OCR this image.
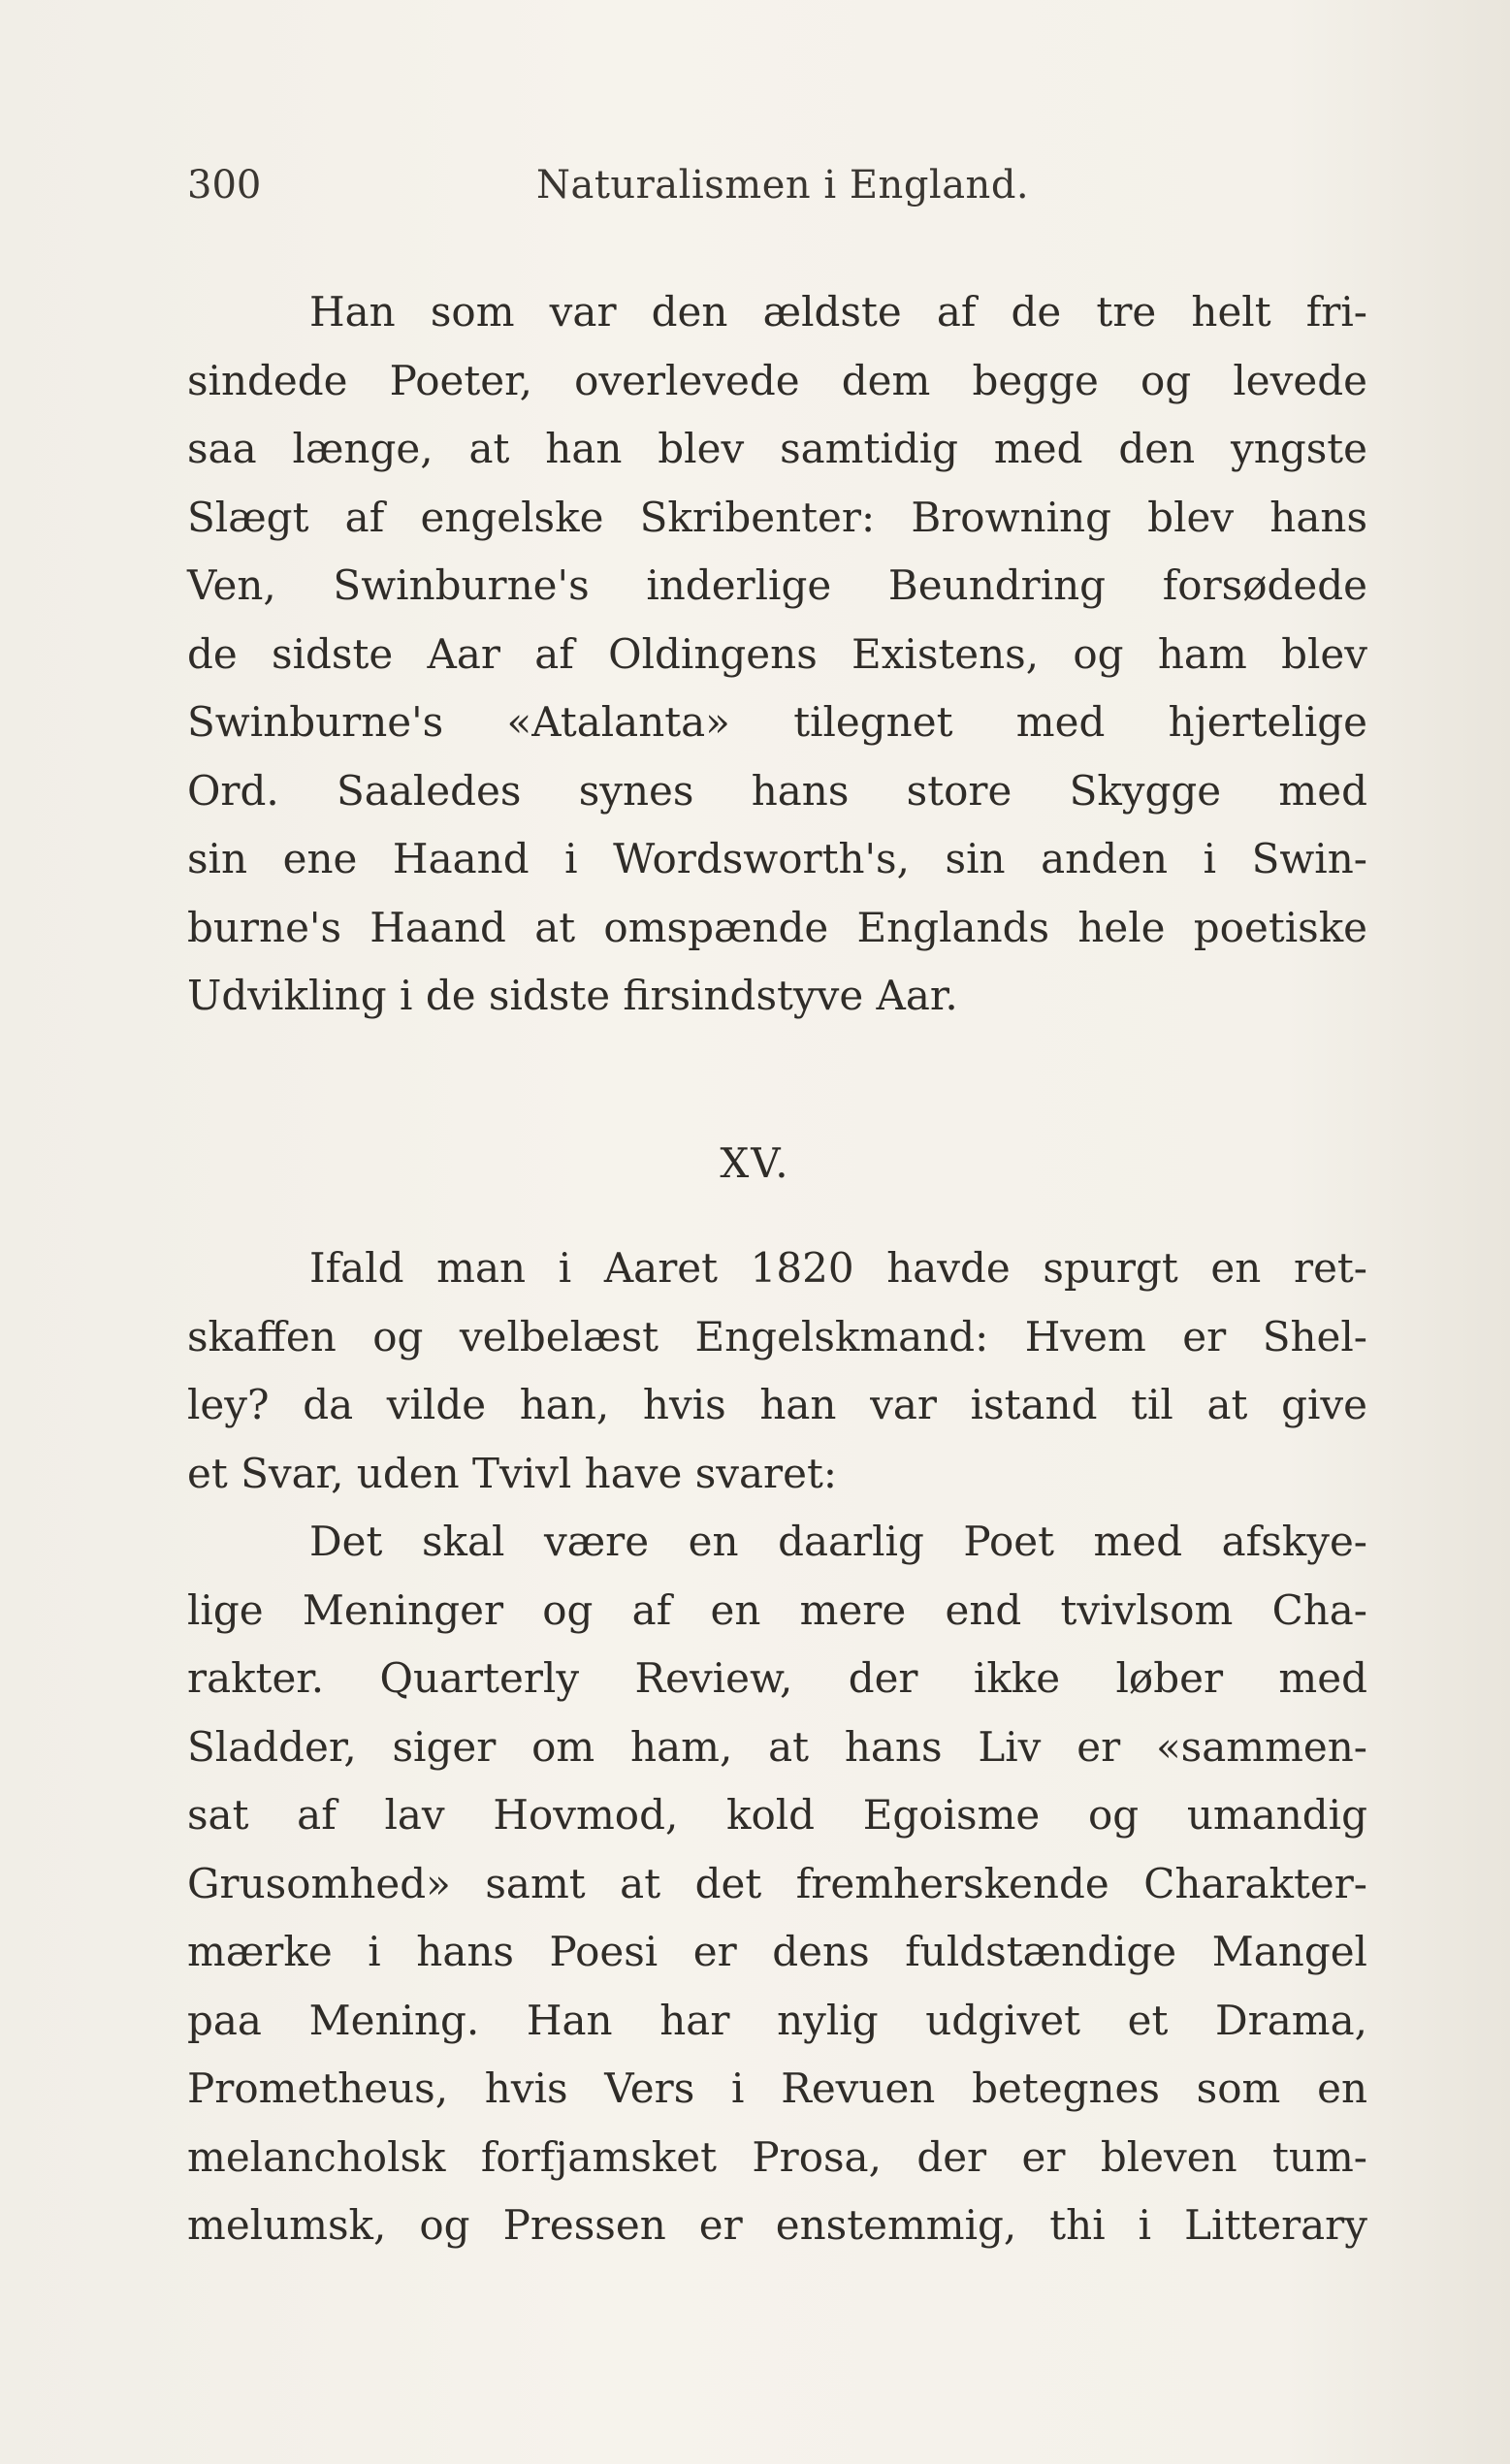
300	Naturalismen i England.
Han som var den ældste af de tre helt fri-
sindede Poeter, overlevede dem begge og levede
saa længe, at han blev samtidig med den yngste
Slægt af engelske Skribenter: Browning blev hans
Ven, Swinburne's inderlige Beundring forsødede
de sidste Aar af Oldingens Existens, og ham blev
Swinburne's «Atalanta» tilegnet med hjertelige
Ord. Saaledes synes hans store Skygge med
sin ene Haand i Wordsworth's, sin anden i Swin-
burne's Haand at omspænde Englands hele poetiske
Udvikling i de sidste firsindstyve Aar.
XV.
Ifald man i Aaret 1820 havde spurgt en ret-
skaffen og velbelæst Engelskmand: Hvem er Shel-
ley? da vilde han, hvis han var istand til at give
et Svar, uden Tvivl have svaret:
Det skal være en daarlig Poet med afskye-
lige Meninger og af en mere end tvivlsom Cha-
rakter. Quarterly Review, der ikke løber med
Sladder, siger om ham, at hans Liv er «sammen-
sat af lav Hovmod, kold Egoisme og umandig
Grusomhed» samt at det fremherskende Charakter-
mærke i hans Poesi er dens fuldstændige Mangel
paa Mening. Han har nylig udgivet et Drama,
Prometheus, hvis Vers i Revuen betegnes som en
melancholsk forfjamsket Prosa, der er bleven tum-
melumsk, og Pressen er enstemmig, thi i Litterary
